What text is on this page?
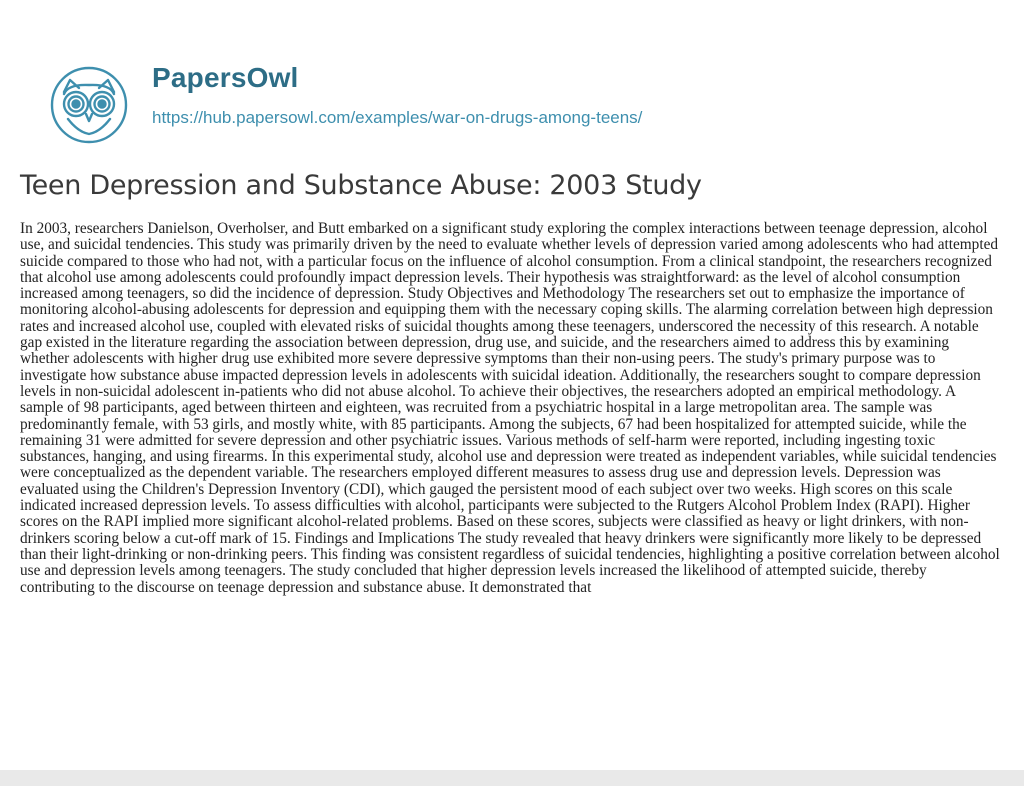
PapersOwl
https://hub.papersowl.com/examples/war-on-drugs-among-teens/
Teen Depression and Substance Abuse: 2003 Study

In 2003, researchers Danielson, Overholser, and Butt embarked on a significant study exploring the complex interactions between teenage depression, alcohol use, and suicidal tendencies. This study was primarily driven by the need to evaluate whether levels of depression varied among adolescents who had attempted suicide compared to those who had not, with a particular focus on the influence of alcohol consumption. From a clinical standpoint, the researchers recognized that alcohol use among adolescents could profoundly impact depression levels. Their hypothesis was straightforward: as the level of alcohol consumption increased among teenagers, so did the incidence of depression. Study Objectives and Methodology The researchers set out to emphasize the importance of monitoring alcohol-abusing adolescents for depression and equipping them with the necessary coping skills. The alarming correlation between high depression rates and increased alcohol use, coupled with elevated risks of suicidal thoughts among these teenagers, underscored the necessity of this research. A notable gap existed in the literature regarding the association between depression, drug use, and suicide, and the researchers aimed to address this by examining whether adolescents with higher drug use exhibited more severe depressive symptoms than their non-using peers. The study's primary purpose was to investigate how substance abuse impacted depression levels in adolescents with suicidal ideation. Additionally, the researchers sought to compare depression levels in non-suicidal adolescent in-patients who did not abuse alcohol. To achieve their objectives, the researchers adopted an empirical methodology. A sample of 98 participants, aged between thirteen and eighteen, was recruited from a psychiatric hospital in a large metropolitan area. The sample was predominantly female, with 53 girls, and mostly white, with 85 participants. Among the subjects, 67 had been hospitalized for attempted suicide, while the remaining 31 were admitted for severe depression and other psychiatric issues. Various methods of self-harm were reported, including ingesting toxic substances, hanging, and using firearms. In this experimental study, alcohol use and depression were treated as independent variables, while suicidal tendencies were conceptualized as the dependent variable. The researchers employed different measures to assess drug use and depression levels. Depression was evaluated using the Children's Depression Inventory (CDI), which gauged the persistent mood of each subject over two weeks. High scores on this scale indicated increased depression levels. To assess difficulties with alcohol, participants were subjected to the Rutgers Alcohol Problem Index (RAPI). Higher scores on the RAPI implied more significant alcohol-related problems. Based on these scores, subjects were classified as heavy or light drinkers, with non-drinkers scoring below a cut-off mark of 15. Findings and Implications The study revealed that heavy drinkers were significantly more likely to be depressed than their light-drinking or non-drinking peers. This finding was consistent regardless of suicidal tendencies, highlighting a positive correlation between alcohol use and depression levels among teenagers. The study concluded that higher depression levels increased the likelihood of attempted suicide, thereby contributing to the discourse on teenage depression and substance abuse. It demonstrated that
